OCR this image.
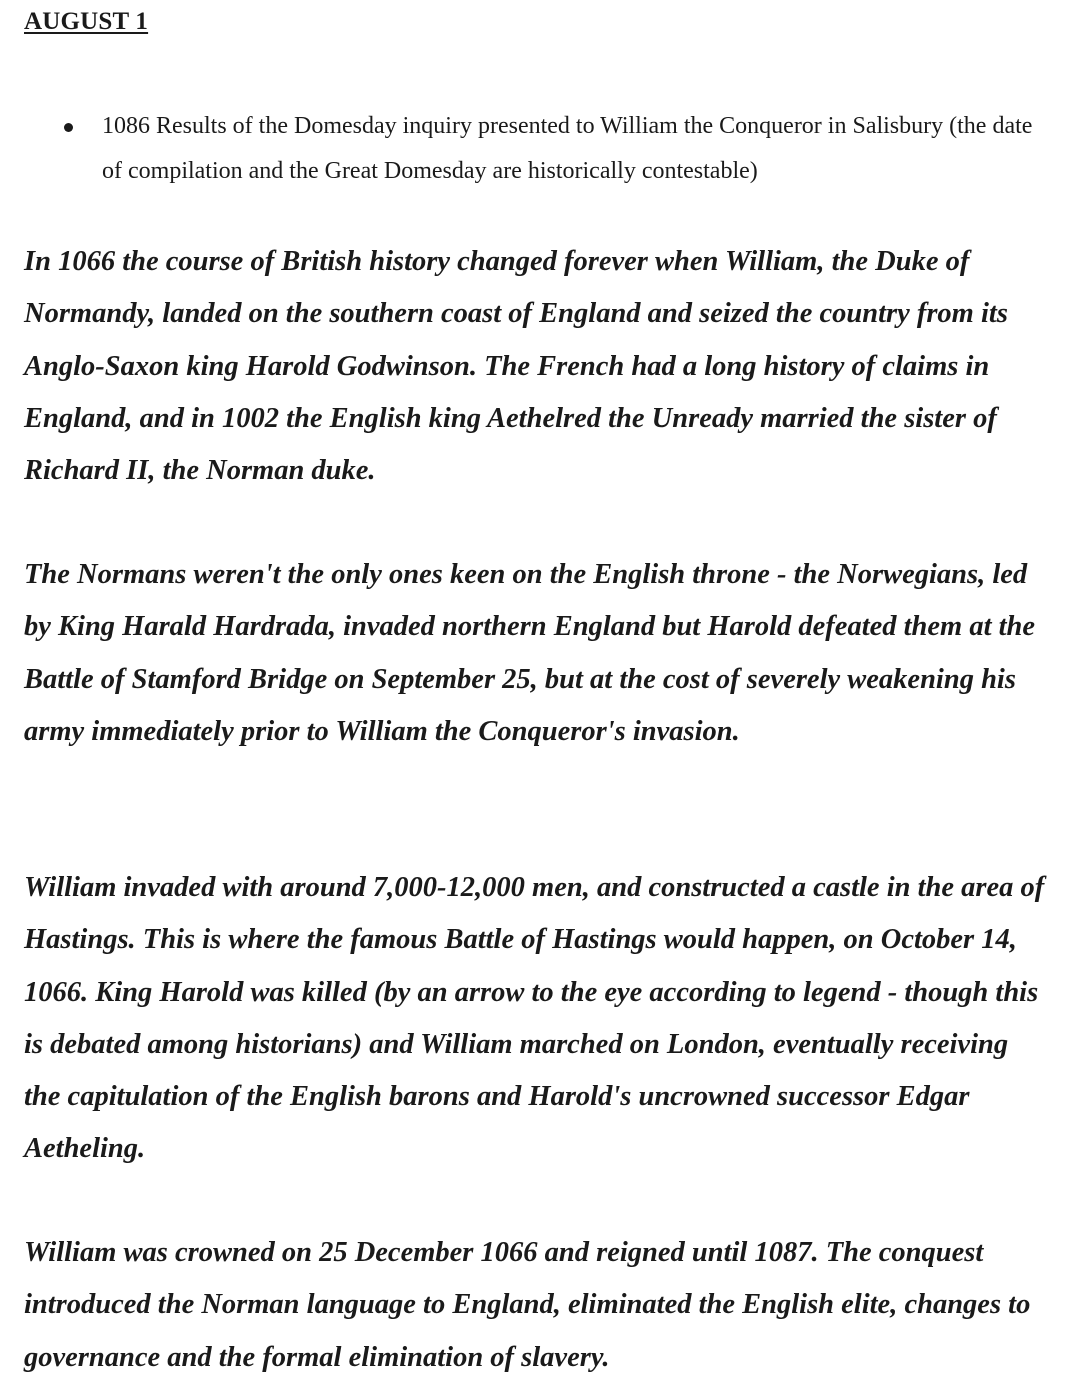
AUGUST 1
1086 Results of the Domesday inquiry presented to William the Conqueror in Salisbury (the date of compilation and the Great Domesday are historically contestable)

In 1066 the course of British history changed forever when William, the Duke of Normandy, landed on the southern coast of England and seized the country from its Anglo-Saxon king Harold Godwinson. The French had a long history of claims in England, and in 1002 the English king Aethelred the Unready married the sister of Richard II, the Norman duke.

The Normans weren't the only ones keen on the English throne - the Norwegians, led by King Harald Hardrada, invaded northern England but Harold defeated them at the Battle of Stamford Bridge on September 25, but at the cost of severely weakening his army immediately prior to William the Conqueror's invasion.

William invaded with around 7,000-12,000 men, and constructed a castle in the area of Hastings. This is where the famous Battle of Hastings would happen, on October 14, 1066. King Harold was killed (by an arrow to the eye according to legend - though this is debated among historians) and William marched on London, eventually receiving the capitulation of the English barons and Harold's uncrowned successor Edgar Aetheling.

William was crowned on 25 December 1066 and reigned until 1087. The conquest introduced the Norman language to England, eliminated the English elite, changes to governance and the formal elimination of slavery.
